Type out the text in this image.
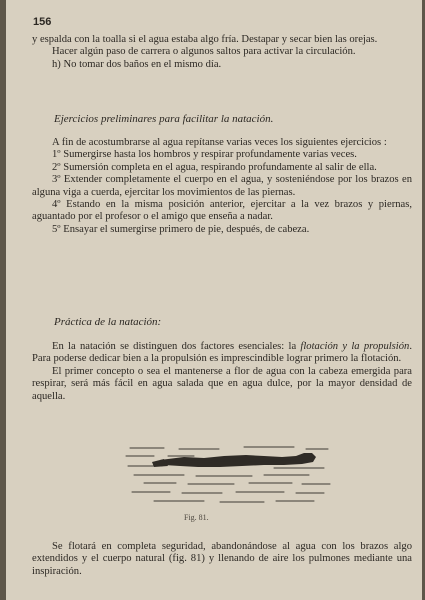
156

y espalda con la toalla si el agua estaba algo fría. Destapar y secar bien las orejas.

Hacer algún paso de carrera o algunos saltos para activar la circulación.

h) No tomar dos baños en el mismo día.

Ejercicios preliminares para facilitar la natación.

A fin de acostumbrarse al agua repítanse varias veces los siguientes ejercicios :

1º Sumergirse hasta los hombros y respirar profundamente varias veces.

2º Sumersión completa en el agua, respirando profundamente al salir de ella.

3º Extender completamente el cuerpo en el agua, y sosteniéndose por los brazos en alguna viga a cuerda, ejercitar los movimientos de las piernas.

4º Estando en la misma posición anterior, ejercitar a la vez brazos y piernas, aguantado por el profesor o el amigo que enseña a nadar.

5º Ensayar el sumergirse primero de pie, después, de cabeza.

Práctica de la natación:

En la natación se distinguen dos factores esenciales: la flotación y la propulsión. Para poderse dedicar bien a la propulsión es imprescindible lograr primero la flotación.

El primer concepto o sea el mantenerse a flor de agua con la cabeza emergida para respirar, será más fácil en agua salada que en agua dulce, por la mayor densidad de aquella.

Fig. 81.

Se flotará en completa seguridad, abandonándose al agua con los brazos algo extendidos y el cuerpo natural (fig. 81) y llenando de aire los pulmones mediante una inspiración.
